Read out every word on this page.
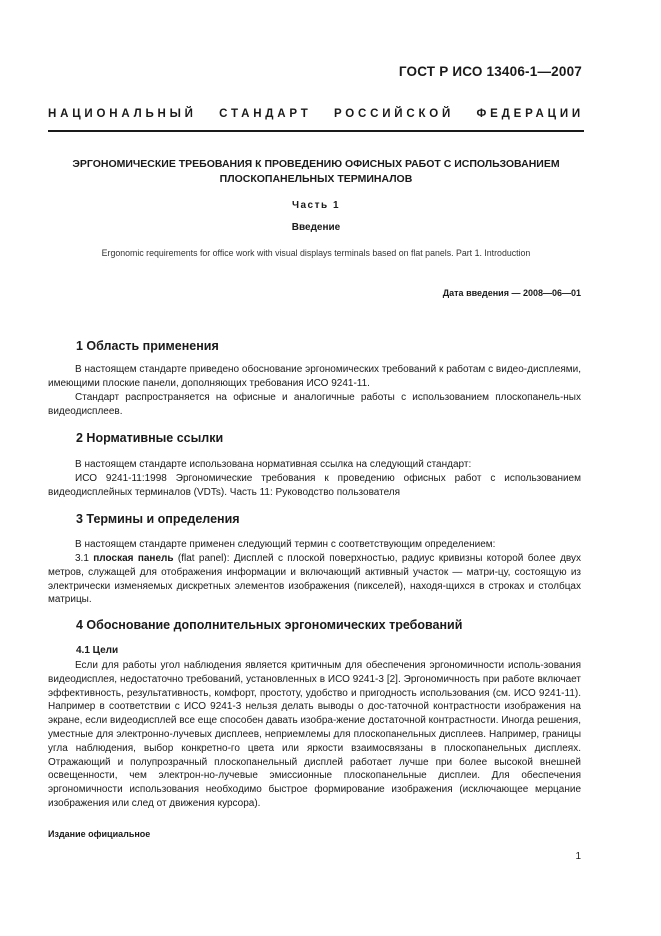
ГОСТ Р ИСО 13406-1—2007
НАЦИОНАЛЬНЫЙ СТАНДАРТ РОССИЙСКОЙ ФЕДЕРАЦИИ
ЭРГОНОМИЧЕСКИЕ ТРЕБОВАНИЯ К ПРОВЕДЕНИЮ ОФИСНЫХ РАБОТ С ИСПОЛЬЗОВАНИЕМ ПЛОСКОПАНЕЛЬНЫХ ТЕРМИНАЛОВ
Часть 1
Введение
Ergonomic requirements for office work with visual displays terminals based on flat panels. Part 1. Introduction
Дата введения — 2008—06—01
1 Область применения

В настоящем стандарте приведено обоснование эргономических требований к работам с видео-дисплеями, имеющими плоские панели, дополняющих требования ИСО 9241-11.

Стандарт распространяется на офисные и аналогичные работы с использованием плоскопанель-ных видеодисплеев.

2 Нормативные ссылки

В настоящем стандарте использована нормативная ссылка на следующий стандарт:

ИСО 9241-11:1998 Эргономические требования к проведению офисных работ с использованием видеодисплейных терминалов (VDTs). Часть 11: Руководство пользователя

3 Термины и определения

В настоящем стандарте применен следующий термин с соответствующим определением:

3.1 плоская панель (flat panel): Дисплей с плоской поверхностью, радиус кривизны которой более двух метров, служащей для отображения информации и включающий активный участок — матри-цу, состоящую из электрически изменяемых дискретных элементов изображения (пикселей), находя-щихся в строках и столбцах матрицы.

4 Обоснование дополнительных эргономических требований
4.1 Цели

Если для работы угол наблюдения является критичным для обеспечения эргономичности исполь-зования видеодисплея, недостаточно требований, установленных в ИСО 9241-3 [2]. Эргономичность при работе включает эффективность, результативность, комфорт, простоту, удобство и пригодность использования (см. ИСО 9241-11). Например в соответствии с ИСО 9241-3 нельзя делать выводы о дос-таточной контрастности изображения на экране, если видеодисплей все еще способен давать изобра-жение достаточной контрастности. Иногда решения, уместные для электронно-лучевых дисплеев, неприемлемы для плоскопанельных дисплеев. Например, границы угла наблюдения, выбор конкретно-го цвета или яркости взаимосвязаны в плоскопанельных дисплеях. Отражающий и полупрозрачный плоскопанельный дисплей работает лучше при более высокой внешней освещенности, чем электрон-но-лучевые эмиссионные плоскопанельные дисплеи. Для обеспечения эргономичности использования необходимо быстрое формирование изображения (исключающее мерцание изображения или след от движения курсора).

Издание официальное
1
